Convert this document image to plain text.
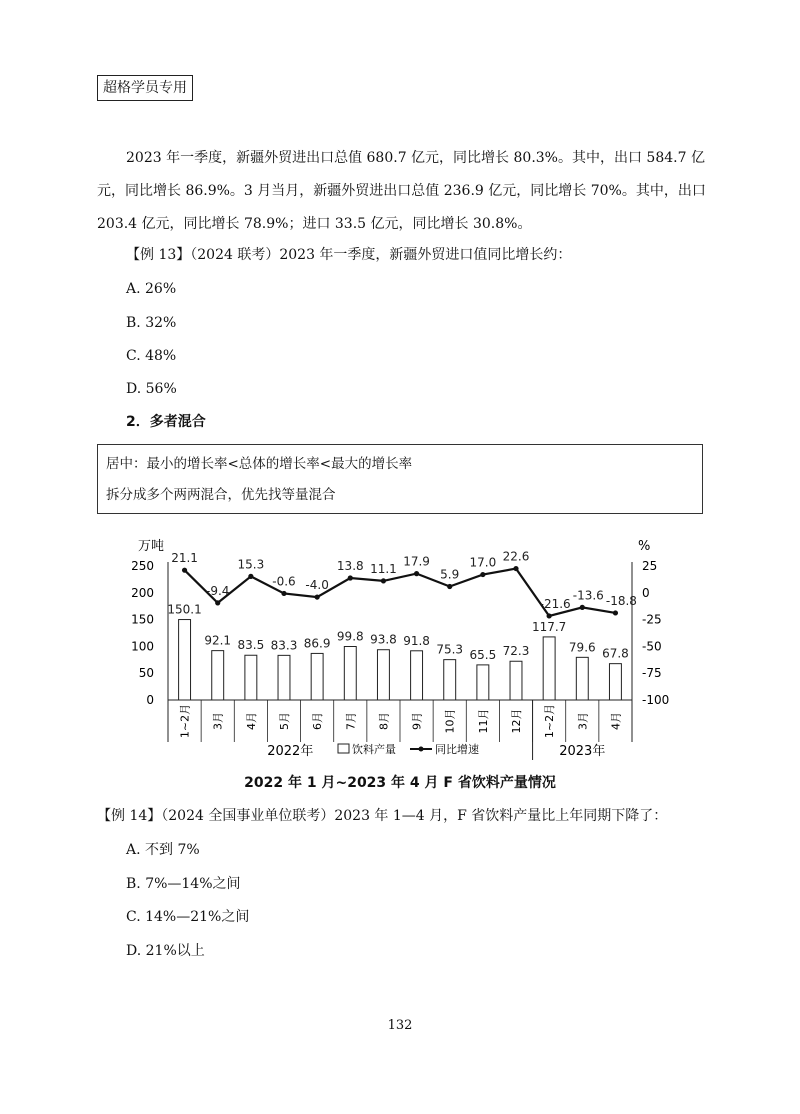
超格学员专用

2023 年一季度，新疆外贸进出口总值 680.7 亿元，同比增长 80.3%。其中，出口 584.7 亿元，同比增长 86.9%。3 月当月，新疆外贸进出口总值 236.9 亿元，同比增长 70%。其中，出口 203.4 亿元，同比增长 78.9%；进口 33.5 亿元，同比增长 30.8%。

【例 13】（2024 联考）2023 年一季度，新疆外贸进口值同比增长约：
A. 26%
B. 32%
C. 48%
D. 56%
2．多者混合
居中：最小的增长率<总体的增长率<最大的增长率
拆分成多个两两混合，优先找等量混合
万吨	%
0
50
100
150
200
250	25
0
-25
-50
-75
-100
1~2月 3月 4月 5月 6月 7月 8月 9月 10月 11月 12月 1~2月 3月 4月
150.1
92.1 83.5 83.3 86.9 99.8 93.8 91.8
75.3 65.5 72.3
117.7
79.6 67.8
21.1
-9.4
15.3
-0.6 -4.0
13.8 11.1
17.9
5.9
17.0 22.6
-21.6
-13.6 -18.8
2022年	2023年
饮料产量	同比增速
2022 年 1 月~2023 年 4 月 F 省饮料产量情况
【例 14】（2024 全国事业单位联考）2023 年 1—4 月，F 省饮料产量比上年同期下降了：
A. 不到 7%
B. 7%—14%之间
C. 14%—21%之间
D. 21%以上
132
